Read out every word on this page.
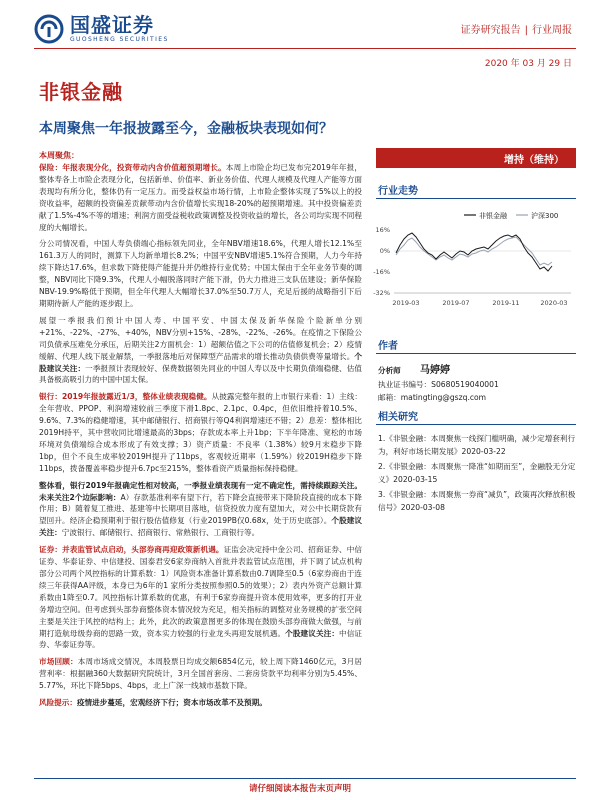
国盛证券
GUOSHENG SECURITIES
证券研究报告 | 行业周报
2020 年 03 月 29 日
非银金融
本周聚焦一年报披露至今，金融板块表现如何？
本周聚焦：

保险：年报表现分化，投资带动内含价值超预期增长。本周上市险企均已发布完2019年年报，整体寿各上市险企表现分化，包括新单、价值率、新业务价值、代理人规模及代理人产能等方面表现均有所分化，整体仍有一定压力。而受益权益市场行情，上市险企整体实现了5%以上的投资收益率，超额的投资偏差贡献带动内含价值增长实现18-20%的超预期增速。其中投资偏差贡献了1.5%-4%不等的增速；利润方面受益税收政策调整及投资收益的增长，各公司均实现不同程度的大幅增长。

分公司情况看，中国人寿负债端心指标领先同业，全年NBV增速18.6%，代理人增长12.1%至161.3万人的同时，测算下人均新单增长8.2%；中国平安NBV增速5.1%符合预期，人力今年持续下降达17.6%，但求数下降使得产能提升并仍维持行业优势；中国太保由于全年业务节奏的调整，NBV同比下降9.3%，代理人小幅脱落同时产能下滑，仍大力推进三支队伍建设；新华保险NBV-19.9%略低于预期，但全年代理人大幅增长37.0%至50.7万人，充足后援的战略指引下后期期待新人产能的逐步跟上。

展望一季报我们预计中国人寿、中国平安、中国太保及新华保险个险新单分别+21%、-22%、-27%、+40%，NBV分别+15%、-28%、-22%、-26%。在疫情之下保险公司负债承压难免分承压，后期关注2方面机会：1）超额估值之下公司的估值修复机会；2）疫情缓解、代理人线下展业解禁，一季报落地后对保障型产品需求的增长推动负债供费等量增长。个股建议关注：一季报预计表现较好、保费数据领先同业的中国人寿以及中长期负债端稳健、估值具备极高吸引力的中国中国太保。

银行：2019年报披露近1/3，整体业绩表现稳健。从披露完整年报的上市银行来看：1）主线：全年营收、PPOP、利润增速较前三季度下滑1.8pc、2.1pc、0.4pc，但依旧维持着10.5%、9.6%、7.3%的稳健增速，其中邮储银行、招商银行等Q4利润增速还不错；2）息差：整体相比2019H持平，其中营收同比增速最高的3bps；存款成本率上升1bp；下半年降准、宽松的市场环境对负债端综合成本形成了有效支撑；3）资产质量：不良率（1.38%）较9月末稳步下降1bp，但个不良生成率较2019H提升了11bps，客观较近期率（1.59%）较2019H稳步下降11bps，拨备覆盖率稳步提升6.7pc至215%，整体看资产质量指标保持稳健。

整体看，银行2019年报确定性相对较高，一季报业绩表现有一定不确定性，需持续跟踪关注。未来关注2个边际影响：A）存款基准利率有望下行，若下降会直接带来下降阶段直接的成本下降作用；B）随着复工推进、基建等中长期项目落地，信贷投放力度有望加大，对公中长期贷款有望回升。经济企稳预期利于银行股估值修复（行业2019PB仅0.68x，处于历史底部）。个股建议关注：宁波银行、邮储银行、招商银行、常熟银行、工商银行等。

证券：并表监管试点启动，头部券商再迎政策新机遇。证监会决定持中金公司、招商证券、中信证券、华泰证券、中信建投、国泰君安6家券商纳入首批并表监管试点范围，并下调了试点机构部分公司两个风控指标的计算系数：1）风险资本准备计算系数由0.7调降至0.5（6家券商由于连续三年获得AA评级，本身已为6年的1 家所分类按照参照0.5的效果）；2）表内外资产总额计算系数由1降至0.7。风控指标计算系数的优惠，有利于6家券商提升资本使用效率，更多的打开业务增边空间。但考虑到头部券商整体资本情况较为充足，相关指标的调整对业务规模的扩张空间主要是关注于风控的结构上；此外，此次的政策意图更多的体现在鼓励头部券商做大做强，与前期打造航母级券商的思路一致，资本实力较强的行业龙头再迎发展机遇。个股建议关注：中信证券、华泰证券等。

市场回顾：本周市场成交情况，本周股票日均成交额6854亿元，较上周下降1460亿元，3月居营利率：根据融360大数据研究院统计，3月全国首套房、二套房贷款平均利率分别为5.45%、5.77%，环比下降5bps、4bps，北上广深一线城市基数下降。

风险提示：疫情进步蔓延，宏观经济下行；资本市场改革不及预期。

增持（维持）
行业走势
非银金融	沪深300
16%
0%
-16%
-32%
2019-03	2019-07	2019-11	2020-03
作者
分析师 马婷婷
执业证书编号：S0680519040001
邮箱：matingting@gszq.com
相关研究
1.《非银金融：本周聚焦一线探门槛明确，减少定增套利行为，利好市场长期发展》2020-03-22
2.《非银金融：本周聚焦一降准“如期而至”，金融股无分定义》2020-03-15
3.《非银金融：本周聚焦一券商“减负”，政策再次释放积极信号》2020-03-08
请仔细阅读本报告末页声明
